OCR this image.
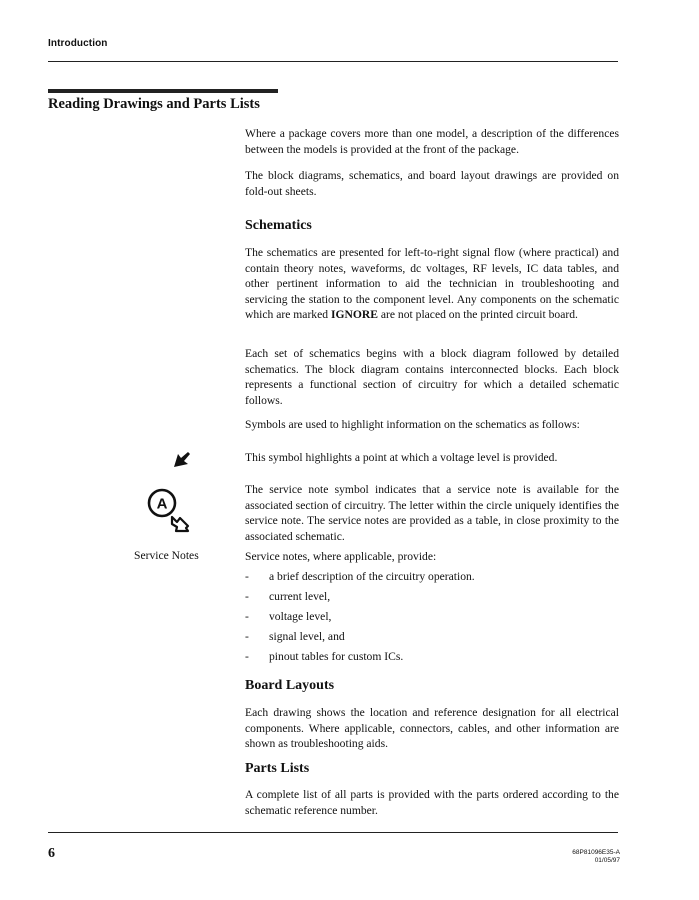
Introduction
Reading Drawings and Parts Lists
Where a package covers more than one model, a description of the differences between the models is provided at the front of the package.
The block diagrams, schematics, and board layout drawings are provided on fold-out sheets.
Schematics
The schematics are presented for left-to-right signal flow (where practical) and contain theory notes, waveforms, dc voltages, RF levels, IC data tables, and other pertinent information to aid the technician in troubleshooting and servicing the station to the component level. Any components on the schematic which are marked IGNORE are not placed on the printed circuit board.
Each set of schematics begins with a block diagram followed by detailed schematics. The block diagram contains interconnected blocks. Each block represents a functional section of circuitry for which a detailed schematic follows.
Symbols are used to highlight information on the schematics as follows:
This symbol highlights a point at which a voltage level is provided.
A
The service note symbol indicates that a service note is available for the associated section of circuitry. The letter within the circle uniquely identifies the service note. The service notes are provided as a table, in close proximity to the associated schematic.
Service Notes	Service notes, where applicable, provide:
-	a brief description of the circuitry operation.
-	current level,
-	voltage level,
-	signal level, and
-	pinout tables for custom ICs.
Board Layouts
Each drawing shows the location and reference designation for all electrical components. Where applicable, connectors, cables, and other information are shown as troubleshooting aids.
Parts Lists
A complete list of all parts is provided with the parts ordered according to the schematic reference number.
6	68P81096E35-A
01/05/97
